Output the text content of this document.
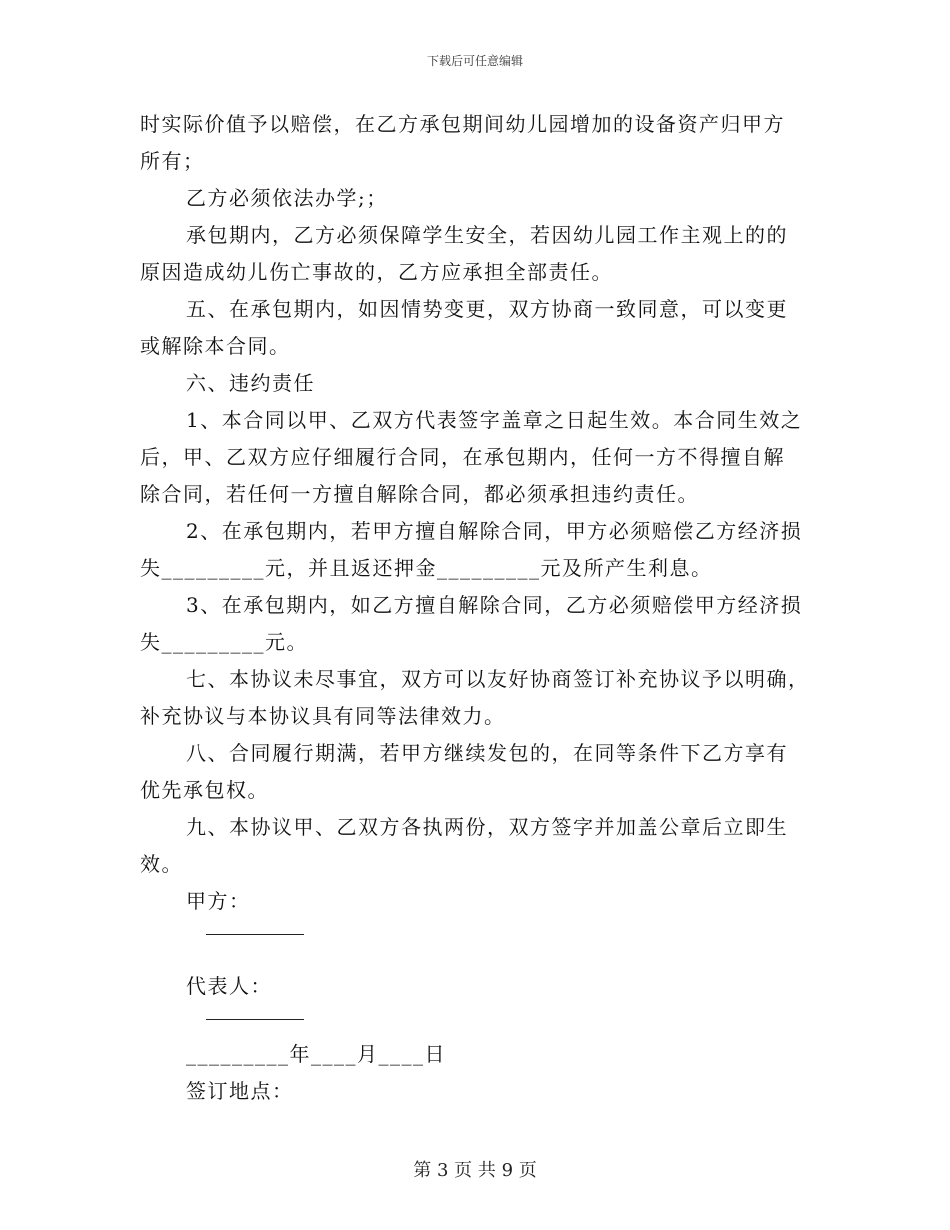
下载后可任意编辑
时实际价值予以赔偿，在乙方承包期间幼儿园增加的设备资产归甲方
所有；
乙方必须依法办学;；
承包期内，乙方必须保障学生安全，若因幼儿园工作主观上的的
原因造成幼儿伤亡事故的，乙方应承担全部责任。
五、在承包期内，如因情势变更，双方协商一致同意，可以变更
或解除本合同。
六、违约责任
1、本合同以甲、乙双方代表签字盖章之日起生效。本合同生效之
后，甲、乙双方应仔细履行合同，在承包期内，任何一方不得擅自解
除合同，若任何一方擅自解除合同，都必须承担违约责任。
2、在承包期内，若甲方擅自解除合同，甲方必须赔偿乙方经济损
失_________元，并且返还押金_________元及所产生利息。
3、在承包期内，如乙方擅自解除合同，乙方必须赔偿甲方经济损
失_________元。
七、本协议未尽事宜，双方可以友好协商签订补充协议予以明确，
补充协议与本协议具有同等法律效力。
八、合同履行期满，若甲方继续发包的，在同等条件下乙方享有
优先承包权。
九、本协议甲、乙双方各执两份，双方签字并加盖公章后立即生
效。
甲方：
代表人：
_________年____月____日
签订地点：
第 3 页 共 9 页
